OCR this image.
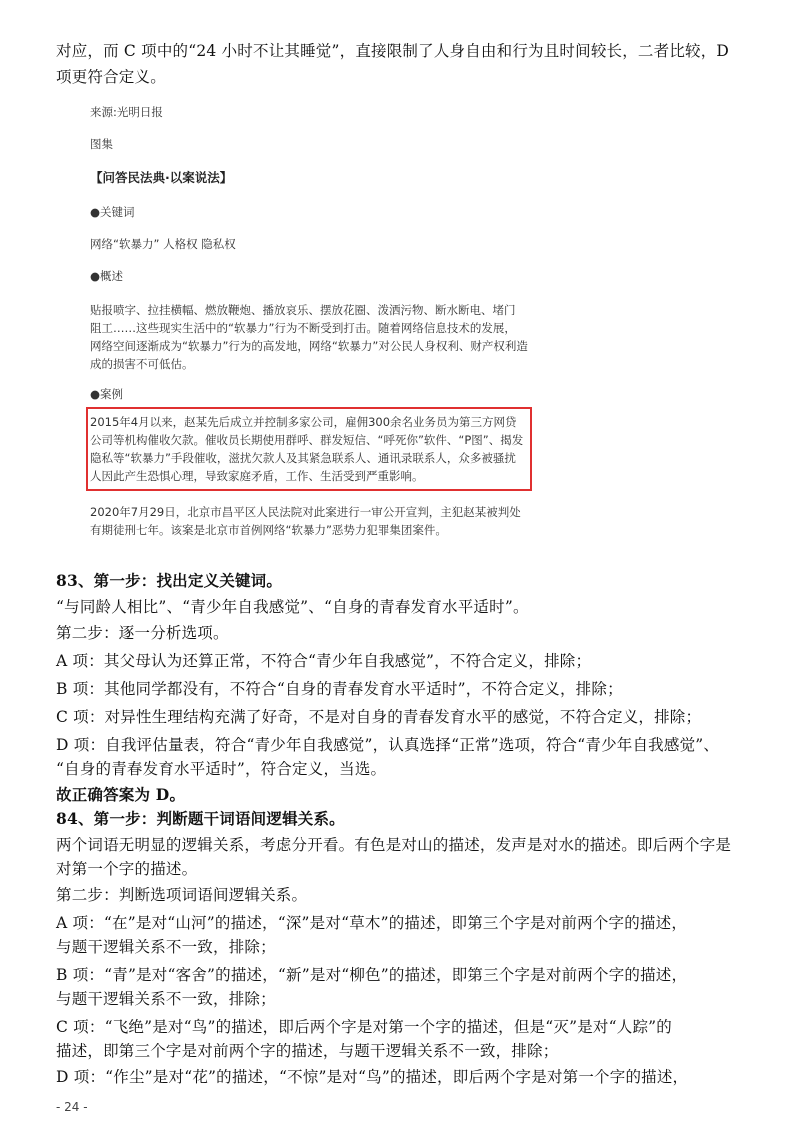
对应，而 C 项中的“24 小时不让其睡觉”，直接限制了人身自由和行为且时间较长，二者比较，D
项更符合定义。
来源:光明日报
图集
【问答民法典·以案说法】
●关键词
网络“软暴力” 人格权 隐私权
●概述
贴报喷字、拉挂横幅、燃放鞭炮、播放哀乐、摆放花圈、泼洒污物、断水断电、堵门
阻工……这些现实生活中的“软暴力”行为不断受到打击。随着网络信息技术的发展，
网络空间逐渐成为“软暴力”行为的高发地，网络“软暴力”对公民人身权利、财产权利造
成的损害不可低估。
●案例
2015年4月以来，赵某先后成立并控制多家公司，雇佣300余名业务员为第三方网贷
公司等机构催收欠款。催收员长期使用群呼、群发短信、“呼死你”软件、“P图”、揭发
隐私等“软暴力”手段催收，滋扰欠款人及其紧急联系人、通讯录联系人，众多被骚扰
人因此产生恐惧心理，导致家庭矛盾，工作、生活受到严重影响。
2020年7月29日，北京市昌平区人民法院对此案进行一审公开宣判，主犯赵某被判处
有期徒刑七年。该案是北京市首例网络“软暴力”恶势力犯罪集团案件。
83、第一步：找出定义关键词。
“与同龄人相比”、“青少年自我感觉”、“自身的青春发育水平适时”。
第二步：逐一分析选项。
A 项：其父母认为还算正常，不符合“青少年自我感觉”，不符合定义，排除；
B 项：其他同学都没有，不符合“自身的青春发育水平适时”，不符合定义，排除；
C 项：对异性生理结构充满了好奇，不是对自身的青春发育水平的感觉，不符合定义，排除；
D 项：自我评估量表，符合“青少年自我感觉”，认真选择“正常”选项，符合“青少年自我感觉”、
“自身的青春发育水平适时”，符合定义，当选。
故正确答案为 D。
84、第一步：判断题干词语间逻辑关系。
两个词语无明显的逻辑关系，考虑分开看。有色是对山的描述，发声是对水的描述。即后两个字是
对第一个字的描述。
第二步：判断选项词语间逻辑关系。
A 项：“在”是对“山河”的描述，“深”是对“草木”的描述，即第三个字是对前两个字的描述，
与题干逻辑关系不一致，排除；
B 项：“青”是对“客舍”的描述，“新”是对“柳色”的描述，即第三个字是对前两个字的描述，
与题干逻辑关系不一致，排除；
C 项：“飞绝”是对“鸟”的描述，即后两个字是对第一个字的描述，但是“灭”是对“人踪”的
描述，即第三个字是对前两个字的描述，与题干逻辑关系不一致，排除；
D 项：“作尘”是对“花”的描述，“不惊”是对“鸟”的描述，即后两个字是对第一个字的描述，
- 24 -
